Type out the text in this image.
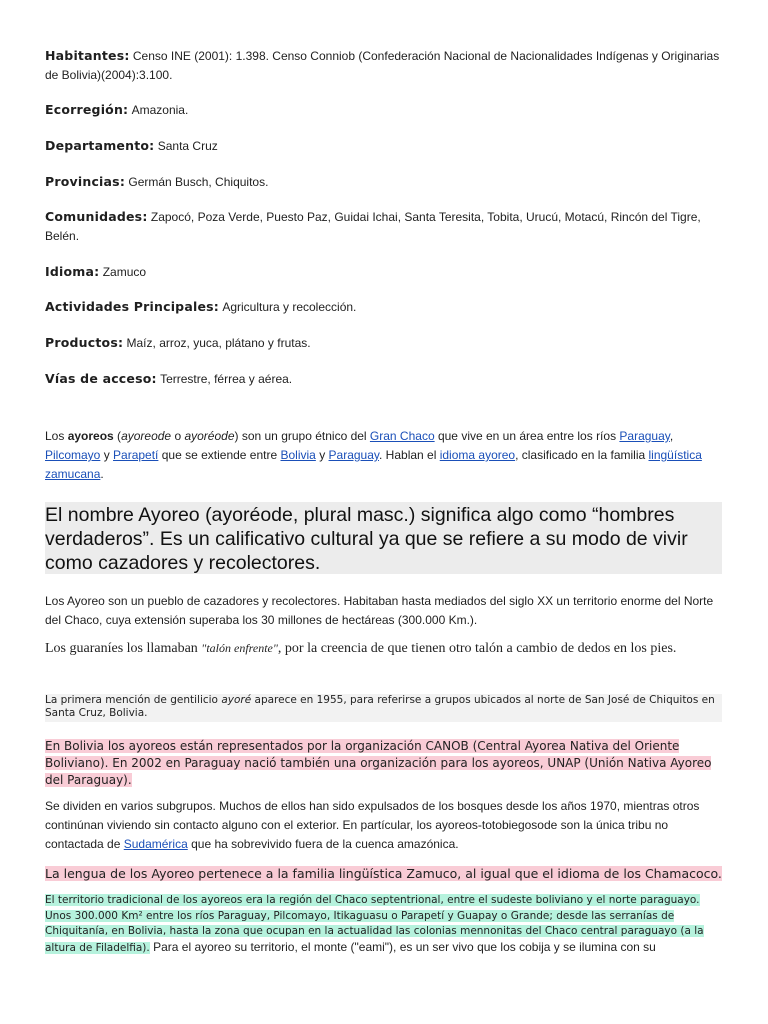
Habitantes: Censo INE (2001): 1.398. Censo Conniob (Confederación Nacional de Nacionalidades Indígenas y Originarias de Bolivia)(2004):3.100.
Ecorregión: Amazonia.
Departamento: Santa Cruz
Provincias: Germán Busch, Chiquitos.
Comunidades: Zapocó, Poza Verde, Puesto Paz, Guidai Ichai, Santa Teresita, Tobita, Urucú, Motacú, Rincón del Tigre, Belén.
Idioma: Zamuco
Actividades Principales: Agricultura y recolección.
Productos: Maíz, arroz, yuca, plátano y frutas.
Vías de acceso: Terrestre, férrea y aérea.
Los ayoreos (ayoreode o ayoréode) son un grupo étnico del Gran Chaco que vive en un área entre los ríos Paraguay, Pilcomayo y Parapetí que se extiende entre Bolivia y Paraguay. Hablan el idioma ayoreo, clasificado en la familia lingüística zamucana.
El nombre Ayoreo (ayoréode, plural masc.) significa algo como “hombres verdaderos”. Es un calificativo cultural ya que se refiere a su modo de vivir como cazadores y recolectores.
Los Ayoreo son un pueblo de cazadores y recolectores. Habitaban hasta mediados del siglo XX un territorio enorme del Norte del Chaco, cuya extensión superaba los 30 millones de hectáreas (300.000 Km.).
Los guaraníes los llamaban "talón enfrente", por la creencia de que tienen otro talón a cambio de dedos en los pies.
La primera mención de gentilicio ayoré aparece en 1955, para referirse a grupos ubicados al norte de San José de Chiquitos en Santa Cruz, Bolivia.
En Bolivia los ayoreos están representados por la organización CANOB (Central Ayorea Nativa del Oriente Boliviano). En 2002 en Paraguay nació también una organización para los ayoreos, UNAP (Unión Nativa Ayoreo del Paraguay).
Se dividen en varios subgrupos. Muchos de ellos han sido expulsados de los bosques desde los años 1970, mientras otros continúnan viviendo sin contacto alguno con el exterior. En partícular, los ayoreos-totobiegosode son la única tribu no contactada de Sudamérica que ha sobrevivido fuera de la cuenca amazónica.
La lengua de los Ayoreo pertenece a la familia lingüística Zamuco, al igual que el idioma de los Chamacoco.
El territorio tradicional de los ayoreos era la región del Chaco septentrional, entre el sudeste boliviano y el norte paraguayo. Unos 300.000 Km² entre los ríos Paraguay, Pilcomayo, Itikaguasu o Parapetí y Guapay o Grande; desde las serranías de Chiquitanía, en Bolivia, hasta la zona que ocupan en la actualidad las colonias mennonitas del Chaco central paraguayo (a la altura de Filadelfia). Para el ayoreo su territorio, el monte ("eami"), es un ser vivo que los cobija y se ilumina con su
